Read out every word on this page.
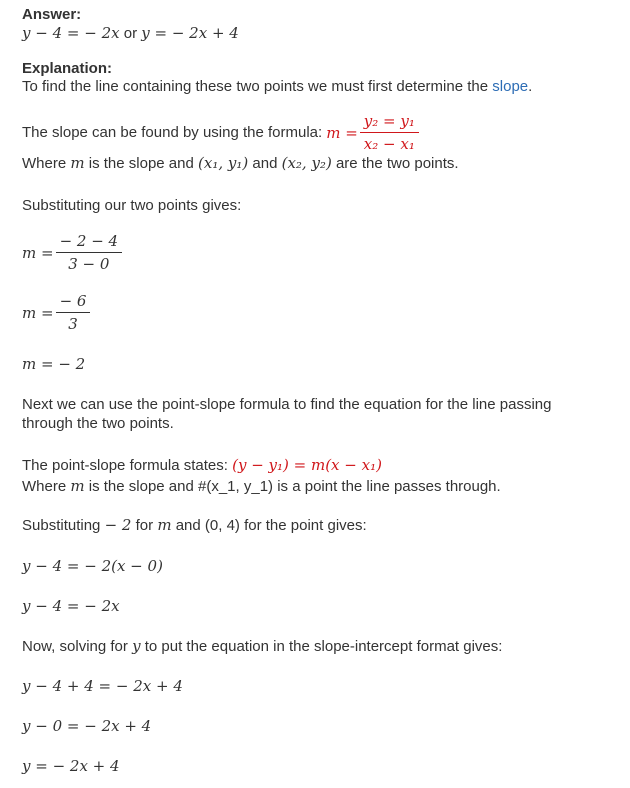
Answer:
y − 4 = − 2x or y = − 2x + 4
Explanation:
To find the line containing these two points we must first determine the slope.
The slope can be found by using the formula: $m = \frac{\text{y₂ = y₁}}{\text{x₂ − x₁}}$
Where m is the slope and (x₁, y₁) and (x₂, y₂) are the two points.
Substituting our two points gives:
$m = \frac{- 2 - 4}{3 - 0}$
$m = \frac{- 6}{3}$
m = − 2
Next we can use the point-slope formula to find the equation for the line passing
through the two points.
The point-slope formula states: (y − y₁) = m(x − x₁)
Where m is the slope and #(x_1, y_1) is a point the line passes through.
Substituting − 2 for m and (0, 4) for the point gives:
y − 4 = − 2(x − 0)
y − 4 = − 2x
Now, solving for y to put the equation in the slope-intercept format gives:
y − 4 + 4 = − 2x + 4
y − 0 = − 2x + 4
y = − 2x + 4
